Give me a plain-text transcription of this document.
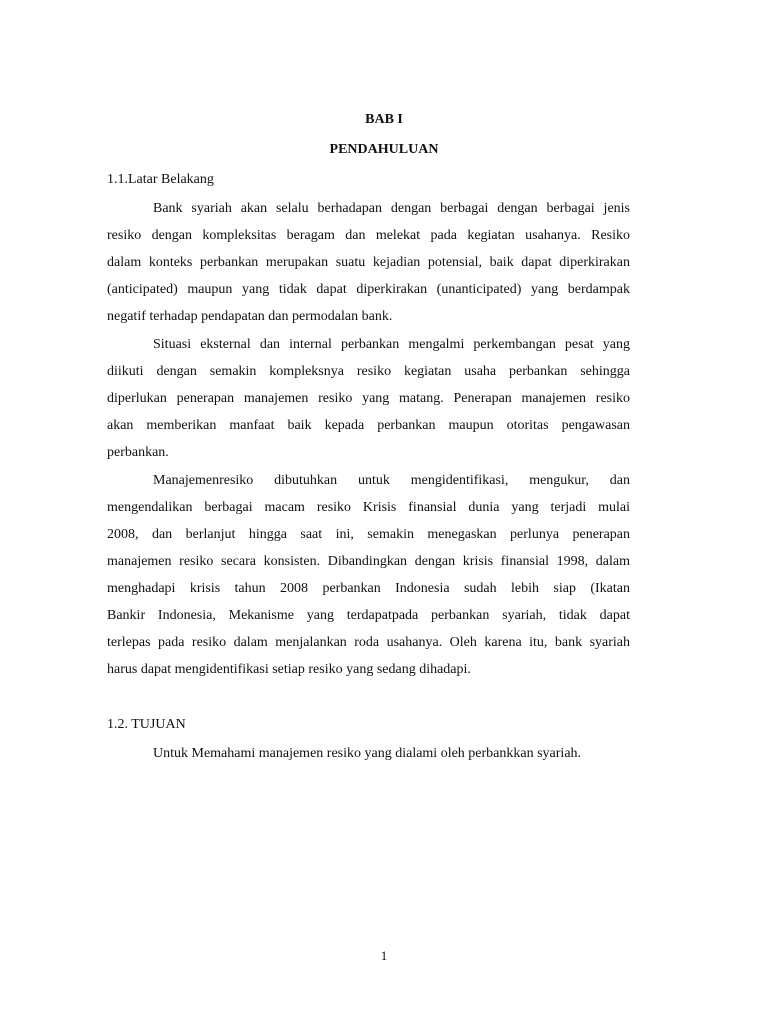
BAB I
PENDAHULUAN
1.1.Latar Belakang
Bank syariah akan selalu berhadapan dengan berbagai dengan berbagai jenis
resiko dengan kompleksitas beragam dan melekat pada kegiatan usahanya. Resiko
dalam konteks perbankan merupakan suatu kejadian potensial, baik dapat diperkirakan
(anticipated) maupun yang tidak dapat diperkirakan (unanticipated) yang berdampak
negatif terhadap pendapatan dan permodalan bank.
Situasi eksternal dan internal perbankan mengalmi perkembangan pesat yang
diikuti dengan semakin kompleksnya resiko kegiatan usaha perbankan sehingga
diperlukan penerapan manajemen resiko yang matang. Penerapan manajemen resiko
akan memberikan manfaat baik kepada perbankan maupun otoritas pengawasan
perbankan.
Manajemenresiko dibutuhkan untuk mengidentifikasi, mengukur, dan
mengendalikan berbagai macam resiko Krisis finansial dunia yang terjadi mulai
2008, dan berlanjut hingga saat ini, semakin menegaskan perlunya penerapan
manajemen resiko secara konsisten. Dibandingkan dengan krisis finansial 1998, dalam
menghadapi krisis tahun 2008 perbankan Indonesia sudah lebih siap (Ikatan
Bankir Indonesia, Mekanisme yang terdapatpada perbankan syariah, tidak dapat
terlepas pada resiko dalam menjalankan roda usahanya. Oleh karena itu, bank syariah
harus dapat mengidentifikasi setiap resiko yang sedang dihadapi.
1.2. TUJUAN
Untuk Memahami manajemen resiko yang dialami oleh perbankkan syariah.
1
